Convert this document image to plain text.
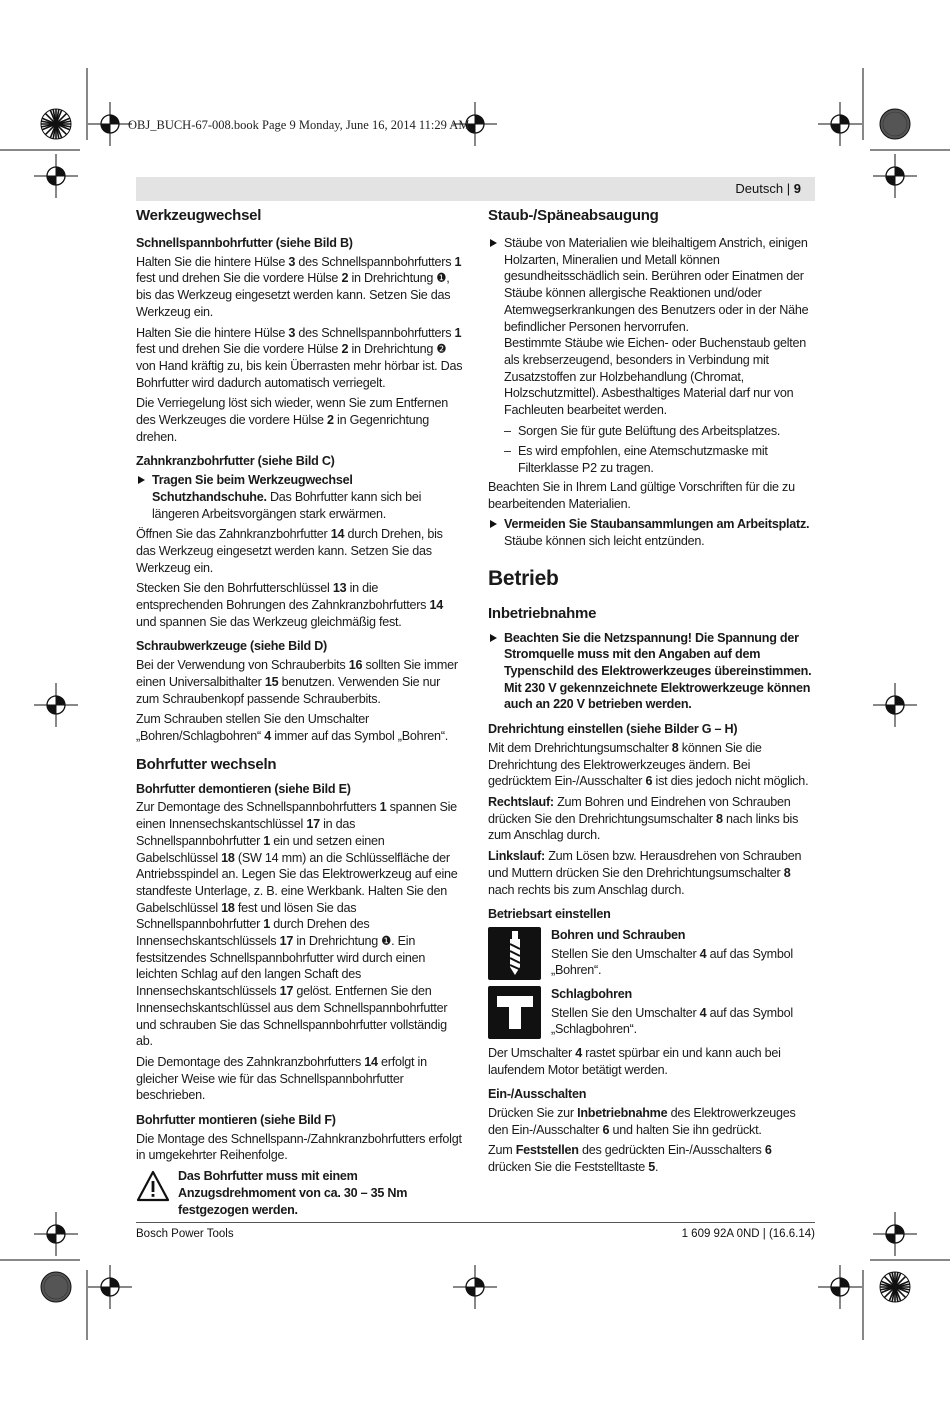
OBJ_BUCH-67-008.book Page 9 Monday, June 16, 2014 11:29 AM
Deutsch | 9
Werkzeugwechsel
Schnellspannbohrfutter (siehe Bild B)

Halten Sie die hintere Hülse 3 des Schnellspannbohrfutters 1 fest und drehen Sie die vordere Hülse 2 in Drehrichtung ❶, bis das Werkzeug eingesetzt werden kann. Setzen Sie das Werkzeug ein.

Halten Sie die hintere Hülse 3 des Schnellspannbohrfutters 1 fest und drehen Sie die vordere Hülse 2 in Drehrichtung ❷ von Hand kräftig zu, bis kein Überrasten mehr hörbar ist. Das Bohrfutter wird dadurch automatisch verriegelt.

Die Verriegelung löst sich wieder, wenn Sie zum Entfernen des Werkzeuges die vordere Hülse 2 in Gegenrichtung drehen.

Zahnkranzbohrfutter (siehe Bild C)

Tragen Sie beim Werkzeugwechsel Schutzhandschuhe. Das Bohrfutter kann sich bei längeren Arbeitsvorgängen stark erwärmen.

Öffnen Sie das Zahnkranzbohrfutter 14 durch Drehen, bis das Werkzeug eingesetzt werden kann. Setzen Sie das Werkzeug ein.

Stecken Sie den Bohrfutterschlüssel 13 in die entsprechenden Bohrungen des Zahnkranzbohrfutters 14 und spannen Sie das Werkzeug gleichmäßig fest.

Schraubwerkzeuge (siehe Bild D)

Bei der Verwendung von Schrauberbits 16 sollten Sie immer einen Universalbithalter 15 benutzen. Verwenden Sie nur zum Schraubenkopf passende Schrauberbits.

Zum Schrauben stellen Sie den Umschalter „Bohren/Schlagbohren“ 4 immer auf das Symbol „Bohren“.

Bohrfutter wechseln
Bohrfutter demontieren (siehe Bild E)

Zur Demontage des Schnellspannbohrfutters 1 spannen Sie einen Innensechskantschlüssel 17 in das Schnellspannbohrfutter 1 ein und setzen einen Gabelschlüssel 18 (SW 14 mm) an die Schlüsselfläche der Antriebsspindel an. Legen Sie das Elektrowerkzeug auf eine standfeste Unterlage, z. B. eine Werkbank. Halten Sie den Gabelschlüssel 18 fest und lösen Sie das Schnellspannbohrfutter 1 durch Drehen des Innensechskantschlüssels 17 in Drehrichtung ❶. Ein festsitzendes Schnellspannbohrfutter wird durch einen leichten Schlag auf den langen Schaft des Innensechskantschlüssels 17 gelöst. Entfernen Sie den Innensechskantschlüssel aus dem Schnellspannbohrfutter und schrauben Sie das Schnellspannbohrfutter vollständig ab.

Die Demontage des Zahnkranzbohrfutters 14 erfolgt in gleicher Weise wie für das Schnellspannbohrfutter beschrieben.

Bohrfutter montieren (siehe Bild F)

Die Montage des Schnellspann-/Zahnkranzbohrfutters erfolgt in umgekehrter Reihenfolge.

Das Bohrfutter muss mit einem Anzugsdrehmoment von ca. 30 – 35 Nm festgezogen werden.
Staub-/Späneabsaugung

Stäube von Materialien wie bleihaltigem Anstrich, einigen Holzarten, Mineralien und Metall können gesundheitsschädlich sein. Berühren oder Einatmen der Stäube können allergische Reaktionen und/oder Atemwegserkrankungen des Benutzers oder in der Nähe befindlicher Personen hervorrufen.

Bestimmte Stäube wie Eichen- oder Buchenstaub gelten als krebserzeugend, besonders in Verbindung mit Zusatzstoffen zur Holzbehandlung (Chromat, Holzschutzmittel). Asbesthaltiges Material darf nur von Fachleuten bearbeitet werden.

– Sorgen Sie für gute Belüftung des Arbeitsplatzes.

– Es wird empfohlen, eine Atemschutzmaske mit Filterklasse P2 zu tragen.

Beachten Sie in Ihrem Land gültige Vorschriften für die zu bearbeitenden Materialien.

Vermeiden Sie Staubansammlungen am Arbeitsplatz.
Stäube können sich leicht entzünden.

Betrieb
Inbetriebnahme

Beachten Sie die Netzspannung! Die Spannung der Stromquelle muss mit den Angaben auf dem Typenschild des Elektrowerkzeuges übereinstimmen. Mit 230 V gekennzeichnete Elektrowerkzeuge können auch an 220 V betrieben werden.

Drehrichtung einstellen (siehe Bilder G – H)

Mit dem Drehrichtungsumschalter 8 können Sie die Drehrichtung des Elektrowerkzeuges ändern. Bei gedrücktem Ein-/Ausschalter 6 ist dies jedoch nicht möglich.

Rechtslauf: Zum Bohren und Eindrehen von Schrauben drücken Sie den Drehrichtungsumschalter 8 nach links bis zum Anschlag durch.

Linkslauf: Zum Lösen bzw. Herausdrehen von Schrauben und Muttern drücken Sie den Drehrichtungsumschalter 8 nach rechts bis zum Anschlag durch.

Betriebsart einstellen
Bohren und Schrauben
Stellen Sie den Umschalter 4 auf das Symbol „Bohren“.
Schlagbohren
Stellen Sie den Umschalter 4 auf das Symbol „Schlagbohren“.

Der Umschalter 4 rastet spürbar ein und kann auch bei laufendem Motor betätigt werden.

Ein-/Ausschalten

Drücken Sie zur Inbetriebnahme des Elektrowerkzeuges den Ein-/Ausschalter 6 und halten Sie ihn gedrückt.

Zum Feststellen des gedrückten Ein-/Ausschalters 6 drücken Sie die Feststelltaste 5.

Bosch Power Tools	1 609 92A 0ND | (16.6.14)
